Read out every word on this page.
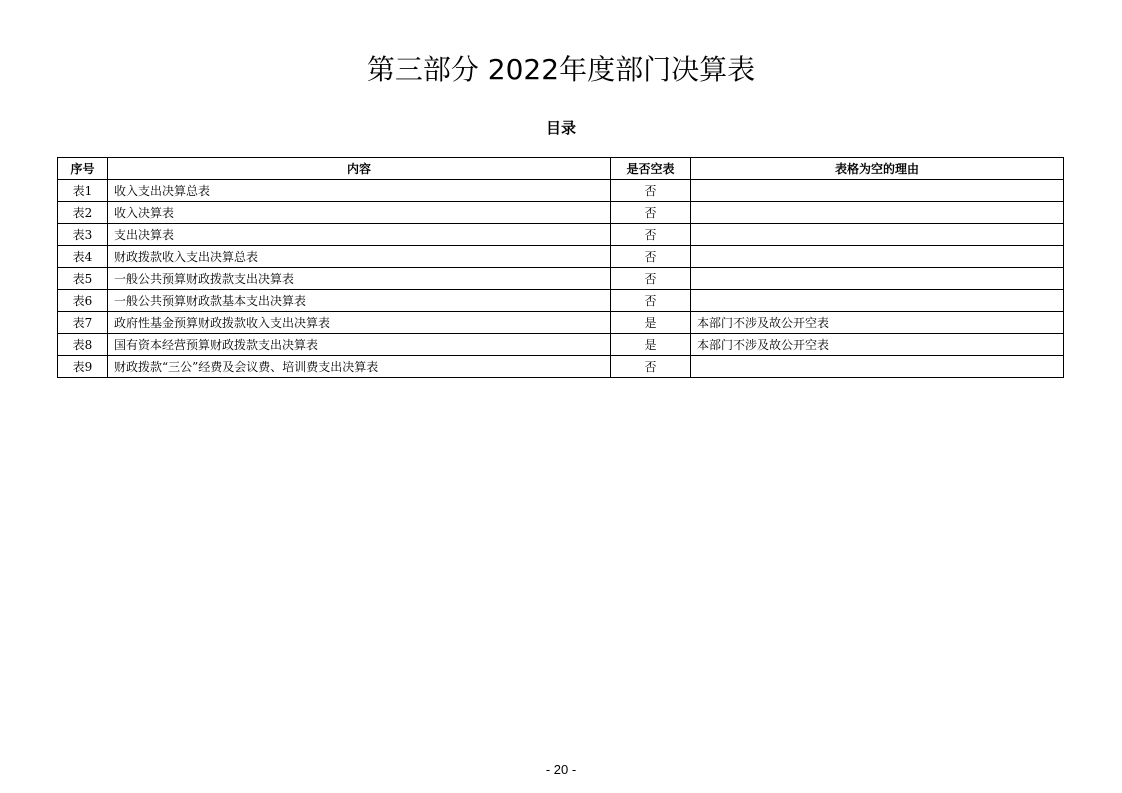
第三部分 2022年度部门决算表
目录
序号	内容	是否空表	表格为空的理由
表1	收入支出决算总表	否	
表2	收入决算表	否	
表3	支出决算表	否	
表4	财政拨款收入支出决算总表	否	
表5	一般公共预算财政拨款支出决算表	否	
表6	一般公共预算财政款基本支出决算表	否	
表7	政府性基金预算财政拨款收入支出决算表	是	本部门不涉及故公开空表
表8	国有资本经营预算财政拨款支出决算表	是	本部门不涉及故公开空表
表9	财政拨款“三公”经费及会议费、培训费支出决算表	否	
- 20 -
